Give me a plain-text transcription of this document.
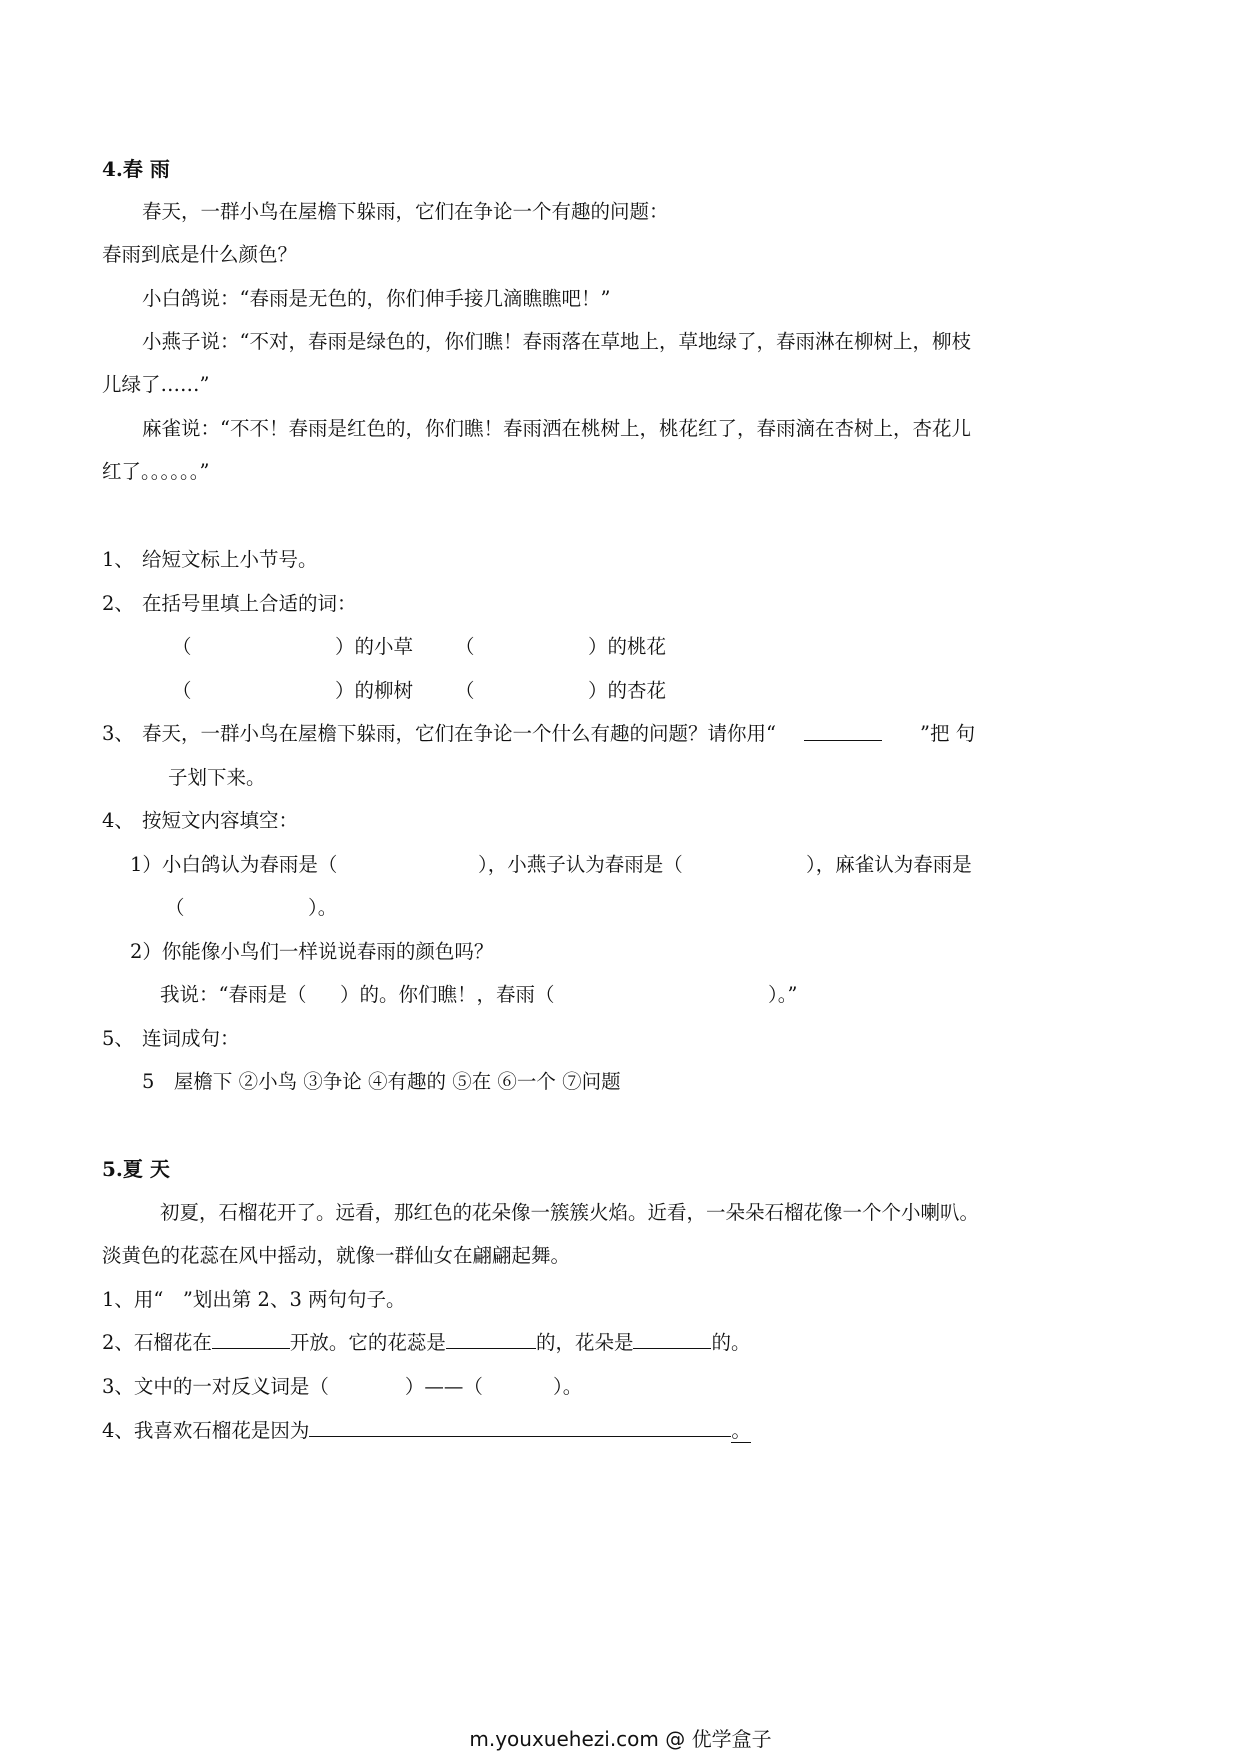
4.春 雨
春天，一群小鸟在屋檐下躲雨，它们在争论一个有趣的问题：
春雨到底是什么颜色？
小白鸽说：“春雨是无色的，你们伸手接几滴瞧瞧吧！”
小燕子说：“不对，春雨是绿色的，你们瞧！春雨落在草地上，草地绿了，春雨淋在柳树上，柳枝
儿绿了……”
麻雀说：“不不！春雨是红色的，你们瞧！春雨洒在桃树上，桃花红了，春雨滴在杏树上，杏花儿
红了。。。。。。”
1、 给短文标上小节号。
2、 在括号里填上合适的词：
（	）的小草 （	）的桃花
（	）的柳树 （	）的杏花
3、 春天，一群小鸟在屋檐下躲雨，它们在争论一个什么有趣的问题？请你用“	”把 句
子划下来。
4、 按短文内容填空：
1）小白鸽认为春雨是（	），小燕子认为春雨是（	），麻雀认为春雨是
（	）。
2）你能像小鸟们一样说说春雨的颜色吗？
我说：“春雨是（ ）的。你们瞧！，春雨（	）。”
5、 连词成句：
5　屋檐下 ②小鸟 ③争论 ④有趣的 ⑤在 ⑥一个 ⑦问题
5.夏 天
初夏，石榴花开了。远看，那红色的花朵像一簇簇火焰。近看，一朵朵石榴花像一个个小喇叭。
淡黄色的花蕊在风中摇动，就像一群仙女在翩翩起舞。
1、用“　”划出第 2、3 两句句子。
2、石榴花在	开放。它的花蕊是	的，花朵是	的。
3、文中的一对反义词是（	）——（	）。
4、我喜欢石榴花是因为	。
m.youxuehezi.com @ 优学盒子
